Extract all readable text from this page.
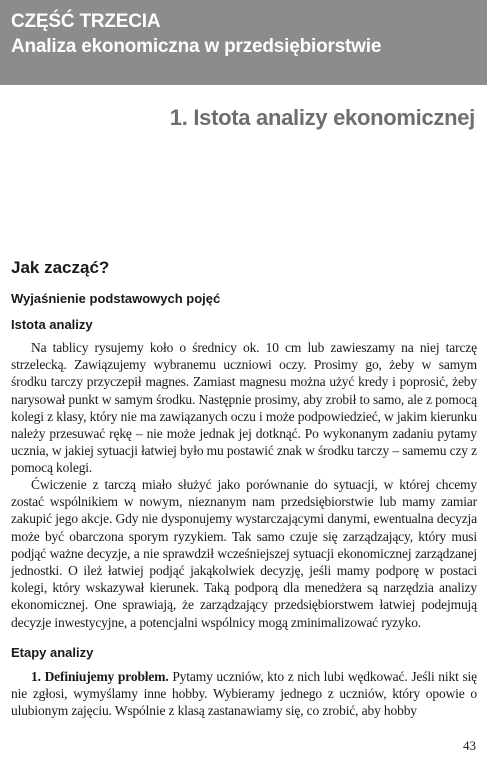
CZĘŚĆ TRZECIA
Analiza ekonomiczna w przedsiębiorstwie
1. Istota analizy ekonomicznej
Jak zacząć?
Wyjaśnienie podstawowych pojęć
Istota analizy

Na tablicy rysujemy koło o średnicy ok. 10 cm lub zawieszamy na niej tarczę strzelecką. Zawiązujemy wybranemu uczniowi oczy. Prosimy go, żeby w samym środku tarczy przyczepił magnes. Zamiast magnesu można użyć kredy i poprosić, żeby narysował punkt w samym środku. Następnie prosimy, aby zrobił to samo, ale z pomocą kolegi z klasy, który nie ma zawiązanych oczu i może podpowiedzieć, w jakim kierunku należy przesuwać rękę – nie może jednak jej dotknąć. Po wykonanym zadaniu pytamy ucznia, w jakiej sytuacji łatwiej było mu postawić znak w środku tarczy – samemu czy z pomocą kolegi.

Ćwiczenie z tarczą miało służyć jako porównanie do sytuacji, w której chcemy zostać wspólnikiem w nowym, nieznanym nam przedsiębiorstwie lub mamy zamiar zakupić jego akcje. Gdy nie dysponujemy wystarczającymi danymi, ewentualna decyzja może być obarczona sporym ryzykiem. Tak samo czuje się zarządzający, który musi podjąć ważne decyzje, a nie sprawdził wcześniejszej sytuacji ekonomicznej zarządzanej jednostki. O ileż łatwiej podjąć jakąkolwiek decyzję, jeśli mamy podporę w postaci kolegi, który wskazywał kierunek. Taką podporą dla menedżera są narzędzia analizy ekonomicznej. One sprawiają, że zarządzający przedsiębiorstwem łatwiej podejmują decyzje inwestycyjne, a potencjalni wspólnicy mogą zminimalizować ryzyko.

Etapy analizy

1. Definiujemy problem. Pytamy uczniów, kto z nich lubi wędkować. Jeśli nikt się nie zgłosi, wymyślamy inne hobby. Wybieramy jednego z uczniów, który opowie o ulubionym zajęciu. Wspólnie z klasą zastanawiamy się, co zrobić, aby hobby

43
